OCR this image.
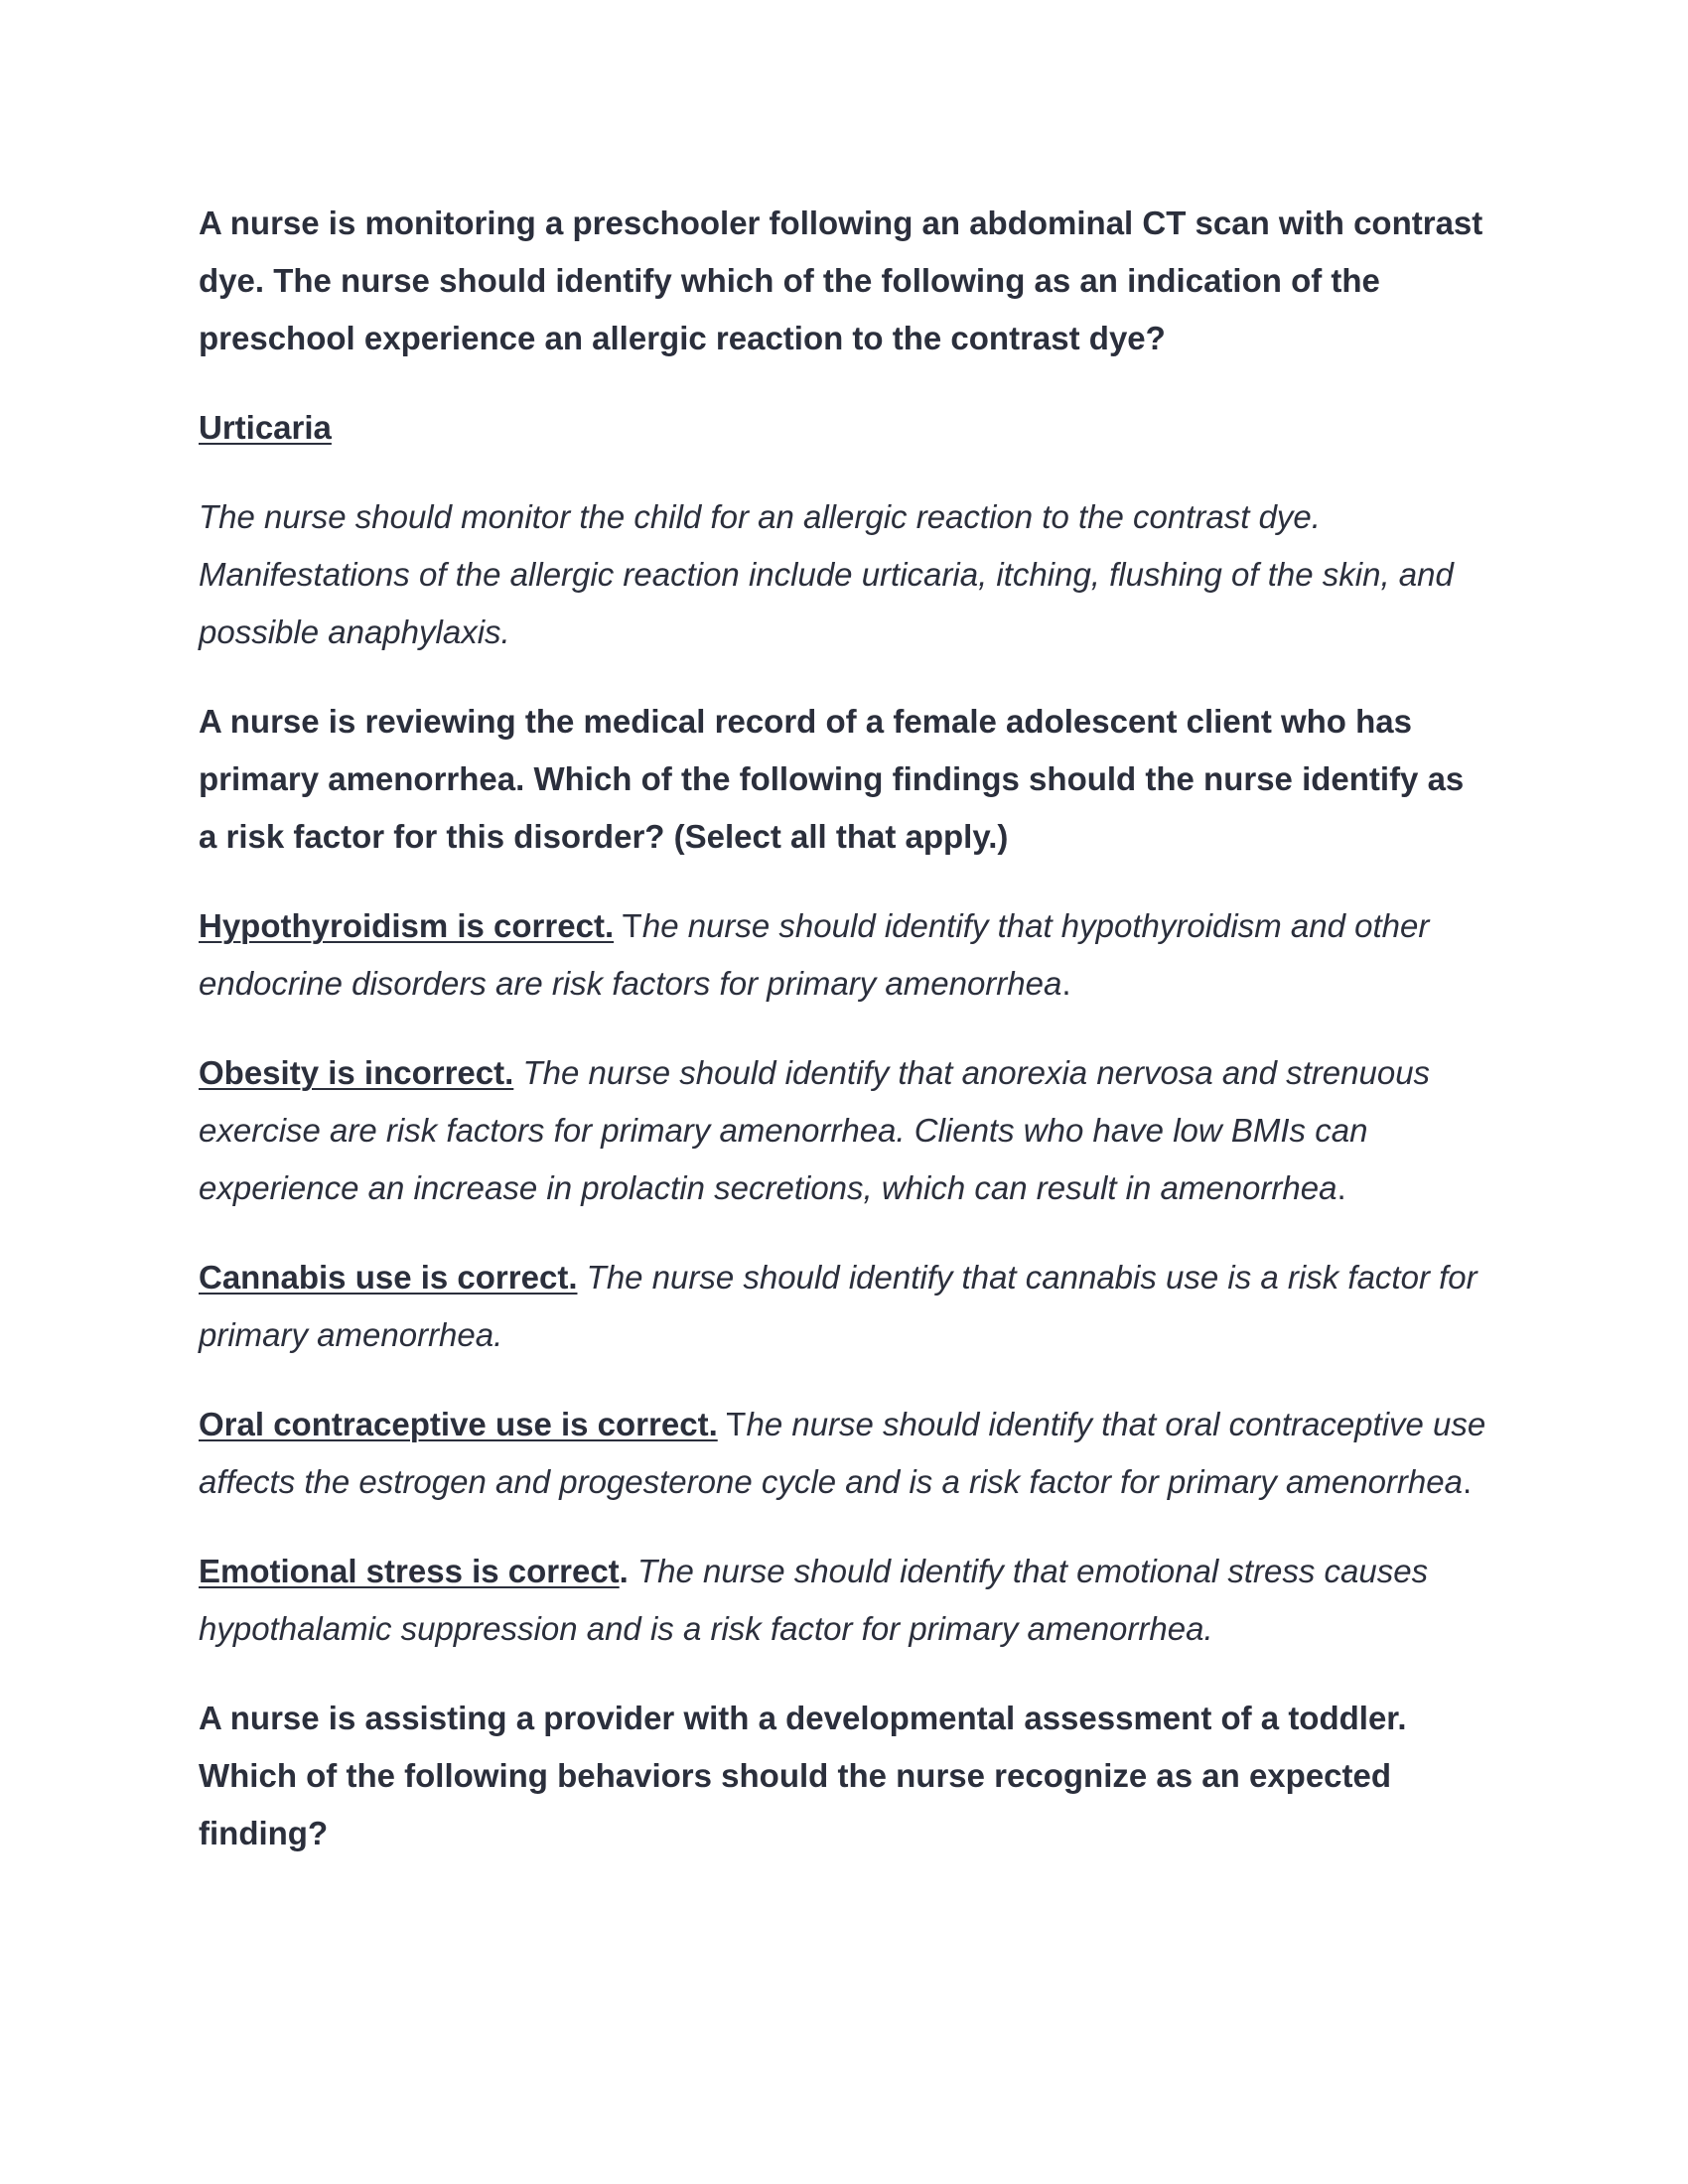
A nurse is monitoring a preschooler following an abdominal CT scan with contrast dye. The nurse should identify which of the following as an indication of the preschool experience an allergic reaction to the contrast dye?

Urticaria

The nurse should monitor the child for an allergic reaction to the contrast dye. Manifestations of the allergic reaction include urticaria, itching, flushing of the skin, and possible anaphylaxis.

A nurse is reviewing the medical record of a female adolescent client who has primary amenorrhea. Which of the following findings should the nurse identify as a risk factor for this disorder? (Select all that apply.)

Hypothyroidism is correct. The nurse should identify that hypothyroidism and other endocrine disorders are risk factors for primary amenorrhea.

Obesity is incorrect. The nurse should identify that anorexia nervosa and strenuous exercise are risk factors for primary amenorrhea. Clients who have low BMIs can experience an increase in prolactin secretions, which can result in amenorrhea.

Cannabis use is correct. The nurse should identify that cannabis use is a risk factor for primary amenorrhea.

Oral contraceptive use is correct. The nurse should identify that oral contraceptive use affects the estrogen and progesterone cycle and is a risk factor for primary amenorrhea.

Emotional stress is correct. The nurse should identify that emotional stress causes hypothalamic suppression and is a risk factor for primary amenorrhea.

A nurse is assisting a provider with a developmental assessment of a toddler. Which of the following behaviors should the nurse recognize as an expected finding?
